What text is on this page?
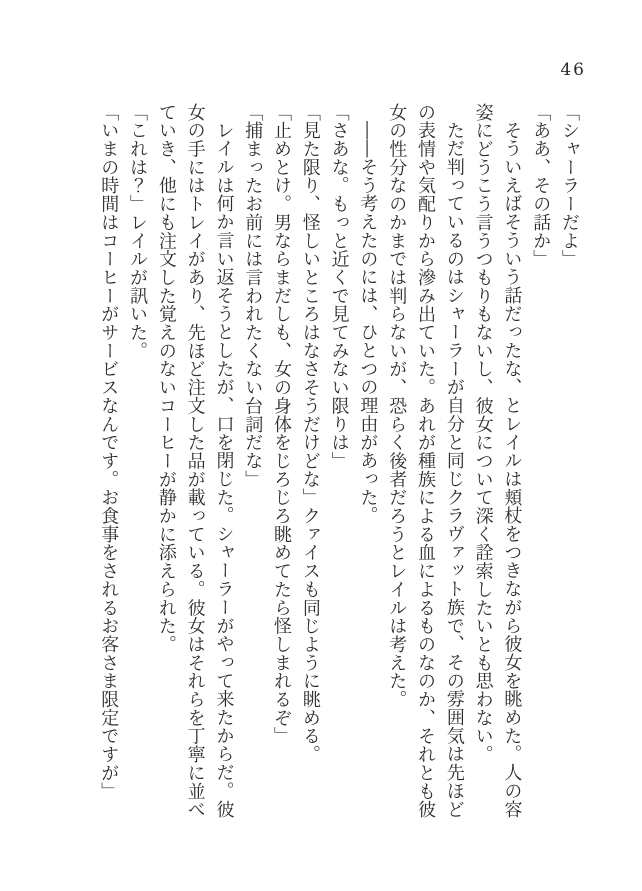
46

「シャーラーだよ」

「ああ、その話か」

そういえばそういう話だったな、とレイルは頬杖をつきながら彼女を眺めた。人の容

姿にどうこう言うつもりもないし、彼女について深く詮索したいとも思わない。

ただ判っているのはシャーラーが自分と同じクラヴァット族で、その雰囲気は先ほど

の表情や気配りから滲み出ていた。あれが種族による血によるものなのか、それとも彼

女の性分なのかまでは判らないが、恐らく後者だろうとレイルは考えた。

――そう考えたのには、ひとつの理由があった。

「さあな。もっと近くで見てみない限りは」

「見た限り、怪しいところはなさそうだけどな」クァイスも同じように眺める。

「止めとけ。男ならまだしも、女の身体をじろじろ眺めてたら怪しまれるぞ」

「捕まったお前には言われたくない台詞だな」

レイルは何か言い返そうとしたが、口を閉じた。シャーラーがやって来たからだ。彼

女の手にはトレイがあり、先ほど注文した品が載っている。彼女はそれらを丁寧に並べ

ていき、他にも注文した覚えのないコーヒーが静かに添えられた。

「これは？」レイルが訊いた。

「いまの時間はコーヒーがサービスなんです。お食事をされるお客さま限定ですが」
